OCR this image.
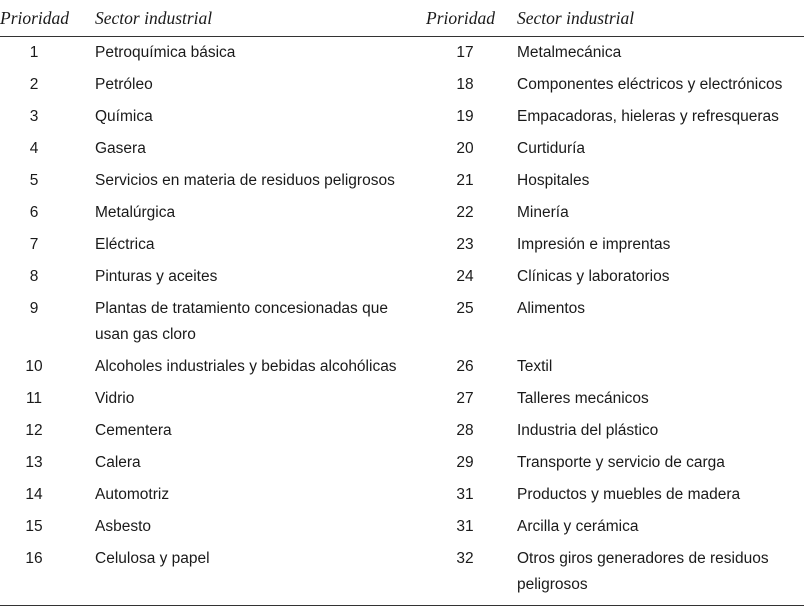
Prioridad	Sector industrial	Prioridad	Sector industrial
1	Petroquímica básica	17	Metalmecánica
2	Petróleo	18	Componentes eléctricos y electrónicos
3	Química	19	Empacadoras, hieleras y refresqueras
4	Gasera	20	Curtiduría
5	Servicios en materia de residuos peligrosos	21	Hospitales
6	Metalúrgica	22	Minería
7	Eléctrica	23	Impresión e imprentas
8	Pinturas y aceites	24	Clínicas y laboratorios
9	Plantas de tratamiento concesionadas que usan gas cloro	25	Alimentos
10	Alcoholes industriales y bebidas alcohólicas	26	Textil
11	Vidrio	27	Talleres mecánicos
12	Cementera	28	Industria del plástico
13	Calera	29	Transporte y servicio de carga
14	Automotriz	31	Productos y muebles de madera
15	Asbesto	31	Arcilla y cerámica
16	Celulosa y papel	32	Otros giros generadores de residuos peligrosos
